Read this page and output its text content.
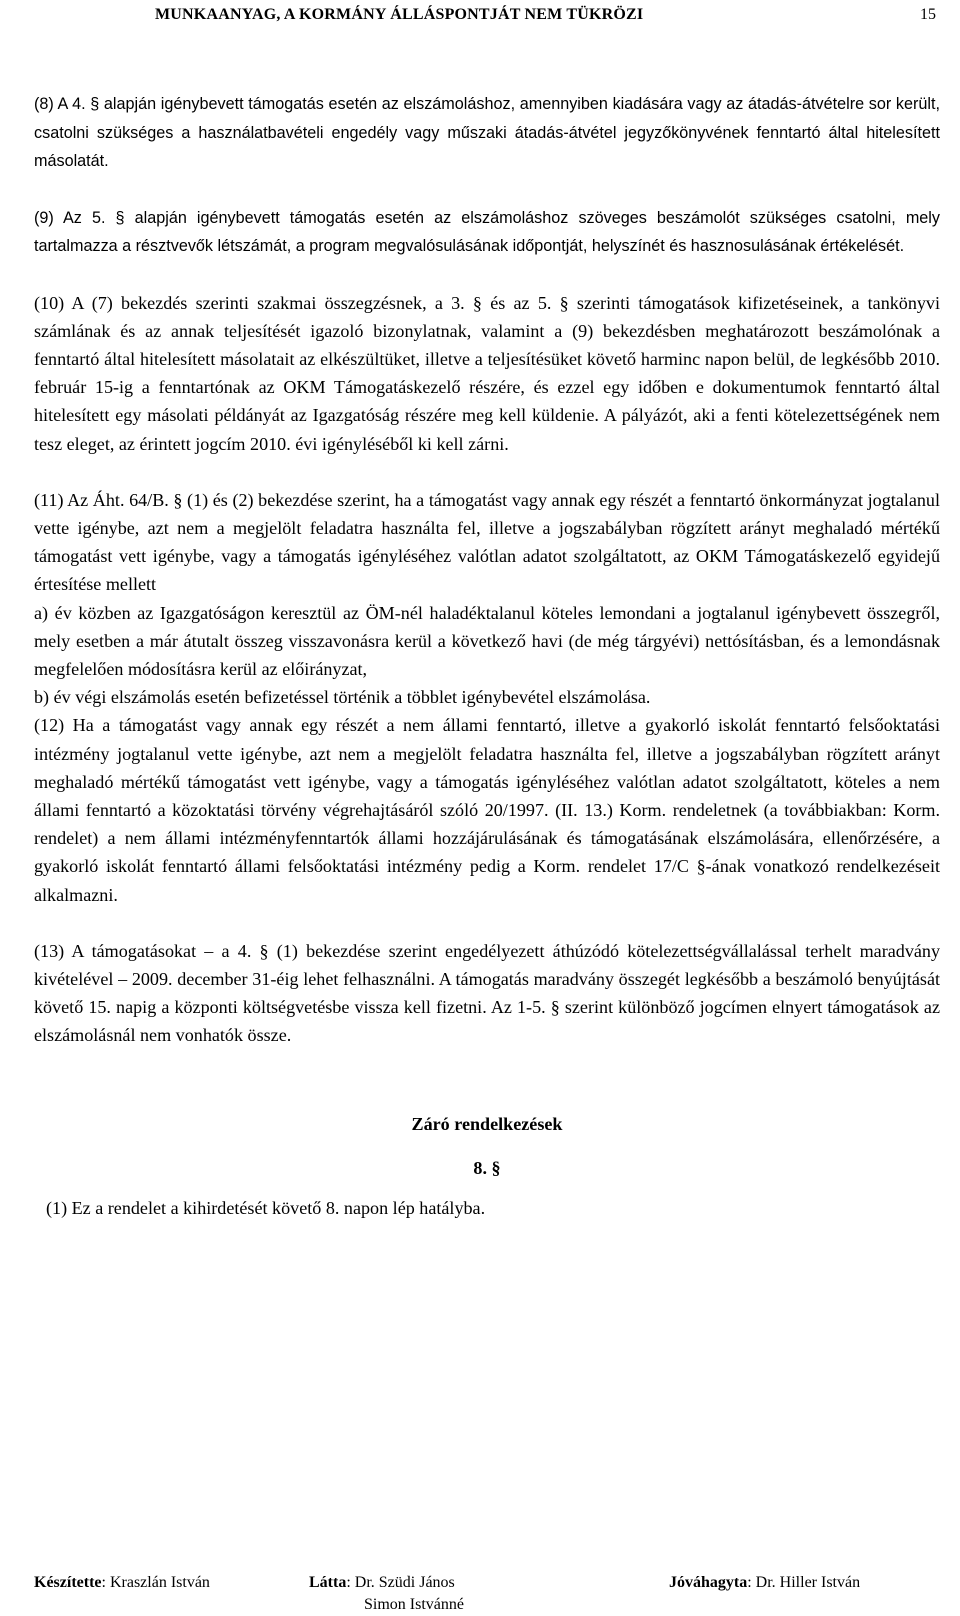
MUNKAANYAG, A KORMÁNY ÁLLÁSPONTJÁT NEM TÜKRÖZI	15

(8) A 4. § alapján igénybevett támogatás esetén az elszámoláshoz, amennyiben kiadására vagy az átadás-átvételre sor került, csatolni szükséges a használatbavételi engedély vagy műszaki átadás-átvétel jegyzőkönyvének fenntartó által hitelesített másolatát.

(9) Az 5. § alapján igénybevett támogatás esetén az elszámoláshoz szöveges beszámolót szükséges csatolni, mely tartalmazza a résztvevők létszámát, a program megvalósulásának időpontját, helyszínét és hasznosulásának értékelését.

(10) A (7) bekezdés szerinti szakmai összegzésnek, a 3. § és az 5. § szerinti támogatások kifizetéseinek, a tankönyvi számlának és az annak teljesítését igazoló bizonylatnak, valamint a (9) bekezdésben meghatározott beszámolónak a fenntartó által hitelesített másolatait az elkészültüket, illetve a teljesítésüket követő harminc napon belül, de legkésőbb 2010. február 15-ig a fenntartónak az OKM Támogatáskezelő részére, és ezzel egy időben e dokumentumok fenntartó által hitelesített egy másolati példányát az Igazgatóság részére meg kell küldenie. A pályázót, aki a fenti kötelezettségének nem tesz eleget, az érintett jogcím 2010. évi igényléséből ki kell zárni.

(11) Az Áht. 64/B. § (1) és (2) bekezdése szerint, ha a támogatást vagy annak egy részét a fenntartó önkormányzat jogtalanul vette igénybe, azt nem a megjelölt feladatra használta fel, illetve a jogszabályban rögzített arányt meghaladó mértékű támogatást vett igénybe, vagy a támogatás igényléséhez valótlan adatot szolgáltatott, az OKM Támogatáskezelő egyidejű értesítése mellett

a) év közben az Igazgatóságon keresztül az ÖM-nél haladéktalanul köteles lemondani a jogtalanul igénybevett összegről, mely esetben a már átutalt összeg visszavonásra kerül a következő havi (de még tárgyévi) nettósításban, és a lemondásnak megfelelően módosításra kerül az előirányzat,

b) év végi elszámolás esetén befizetéssel történik a többlet igénybevétel elszámolása.

(12) Ha a támogatást vagy annak egy részét a nem állami fenntartó, illetve a gyakorló iskolát fenntartó felsőoktatási intézmény jogtalanul vette igénybe, azt nem a megjelölt feladatra használta fel, illetve a jogszabályban rögzített arányt meghaladó mértékű támogatást vett igénybe, vagy a támogatás igényléséhez valótlan adatot szolgáltatott, köteles a nem állami fenntartó a közoktatási törvény végrehajtásáról szóló 20/1997. (II. 13.) Korm. rendeletnek (a továbbiakban: Korm. rendelet) a nem állami intézményfenntartók állami hozzájárulásának és támogatásának elszámolására, ellenőrzésére, a gyakorló iskolát fenntartó állami felsőoktatási intézmény pedig a Korm. rendelet 17/C §-ának vonatkozó rendelkezéseit alkalmazni.

(13) A támogatásokat – a 4. § (1) bekezdése szerint engedélyezett áthúzódó kötelezettségvállalással terhelt maradvány kivételével – 2009. december 31-éig lehet felhasználni. A támogatás maradvány összegét legkésőbb a beszámoló benyújtását követő 15. napig a központi költségvetésbe vissza kell fizetni. Az 1-5. § szerint különböző jogcímen elnyert támogatások az elszámolásnál nem vonhatók össze.

Záró rendelkezések

8. §

(1) Ez a rendelet a kihirdetését követő 8. napon lép hatályba.

Készítette: Kraszlán István	Látta: Dr. Szüdi János	Jóváhagyta: Dr. Hiller István
Simon Istvánné
